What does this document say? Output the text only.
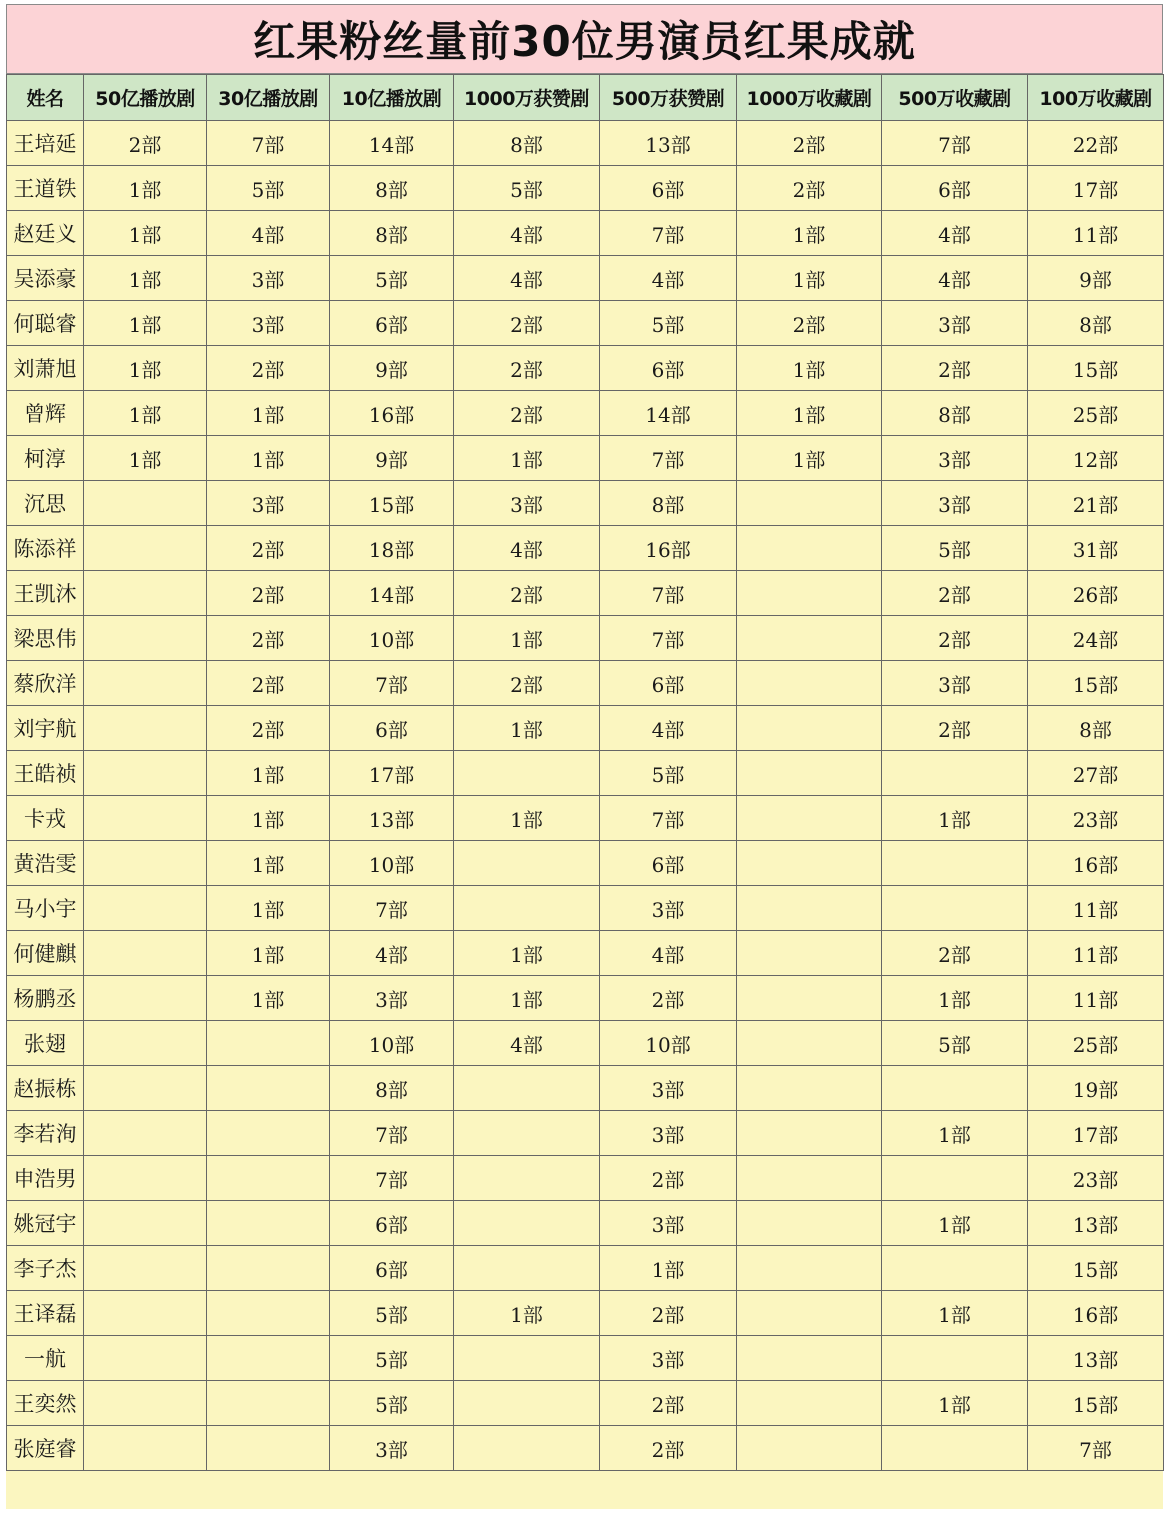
红果粉丝量前30位男演员红果成就
姓名	50亿播放剧	30亿播放剧	10亿播放剧	1000万获赞剧	500万获赞剧	1000万收藏剧	500万收藏剧	100万收藏剧
王培延	2部	7部	14部	8部	13部	2部	7部	22部
王道铁	1部	5部	8部	5部	6部	2部	6部	17部
赵廷义	1部	4部	8部	4部	7部	1部	4部	11部
吴添豪	1部	3部	5部	4部	4部	1部	4部	9部
何聪睿	1部	3部	6部	2部	5部	2部	3部	8部
刘萧旭	1部	2部	9部	2部	6部	1部	2部	15部
曾辉	1部	1部	16部	2部	14部	1部	8部	25部
柯淳	1部	1部	9部	1部	7部	1部	3部	12部
沉思		3部	15部	3部	8部		3部	21部
陈添祥		2部	18部	4部	16部		5部	31部
王凯沐		2部	14部	2部	7部		2部	26部
梁思伟		2部	10部	1部	7部		2部	24部
蔡欣洋		2部	7部	2部	6部		3部	15部
刘宇航		2部	6部	1部	4部		2部	8部
王皓祯		1部	17部		5部			27部
卡戎		1部	13部	1部	7部		1部	23部
黄浩雯		1部	10部		6部			16部
马小宇		1部	7部		3部			11部
何健麒		1部	4部	1部	4部		2部	11部
杨鹏丞		1部	3部	1部	2部		1部	11部
张翅			10部	4部	10部		5部	25部
赵振栋			8部		3部			19部
李若洵			7部		3部		1部	17部
申浩男			7部		2部			23部
姚冠宇			6部		3部		1部	13部
李子杰			6部		1部			15部
王译磊			5部	1部	2部		1部	16部
一航			5部		3部			13部
王奕然			5部		2部		1部	15部
张庭睿			3部		2部			7部
